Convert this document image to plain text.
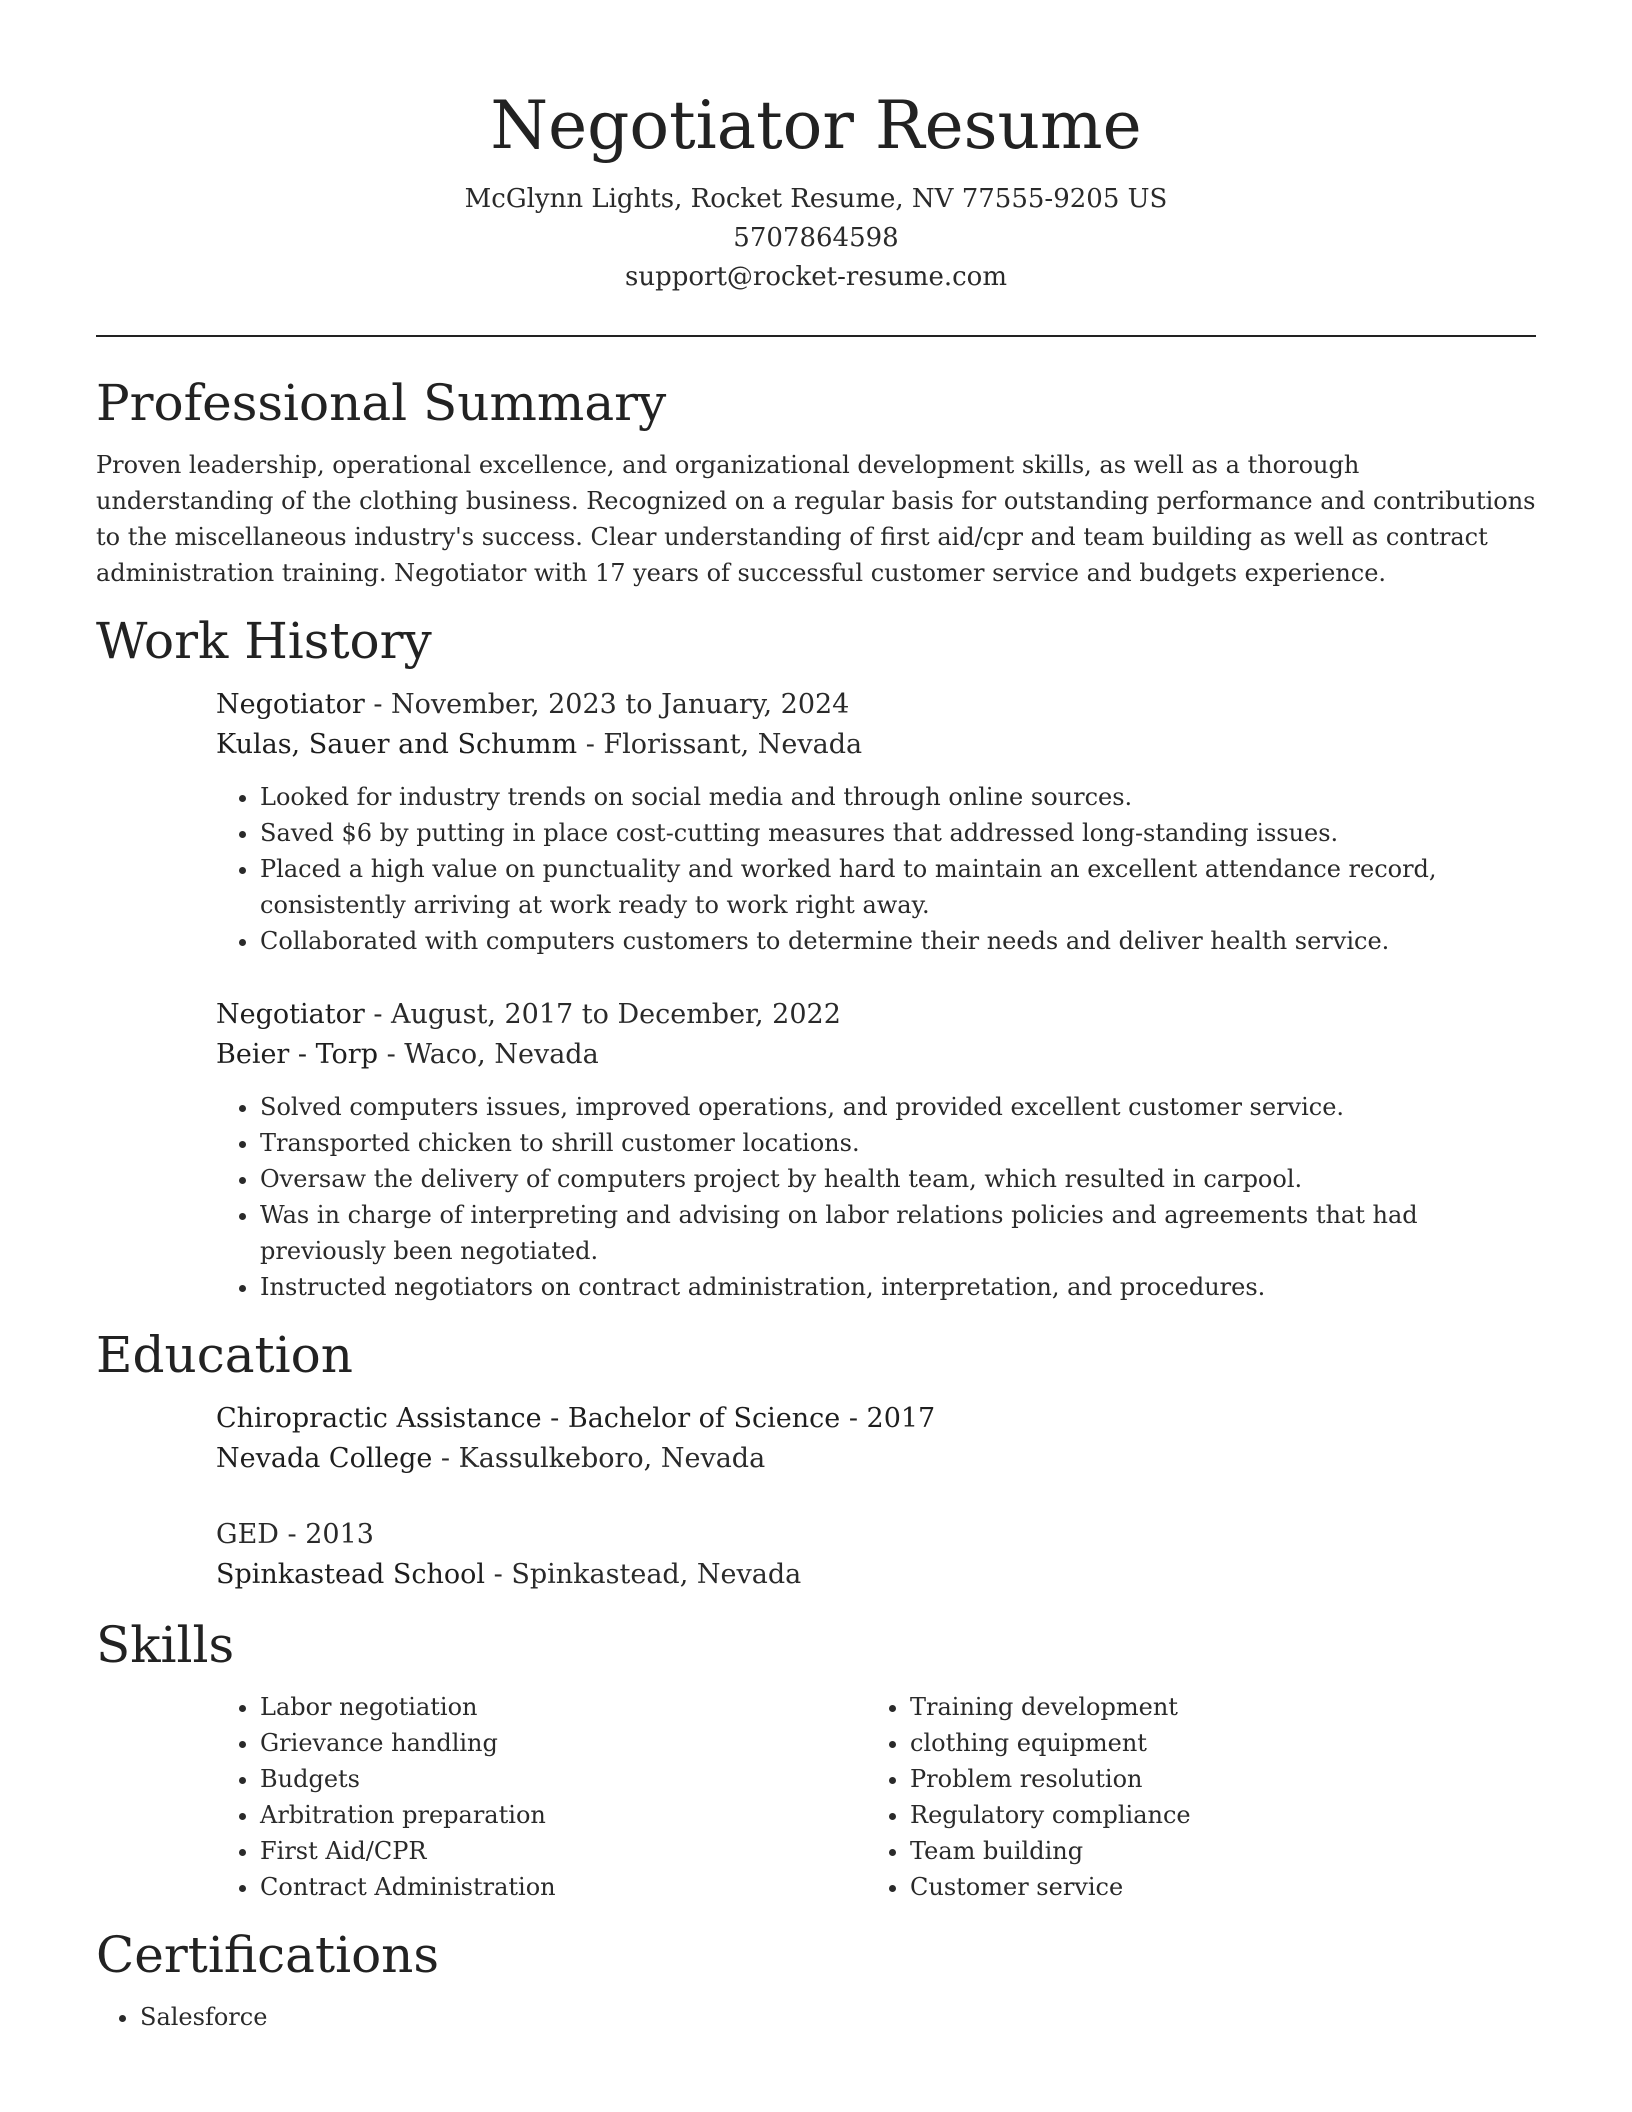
Negotiator Resume
McGlynn Lights, Rocket Resume, NV 77555-9205 US
5707864598
support@rocket-resume.com
Professional Summary

Proven leadership, operational excellence, and organizational development skills, as well as a thorough understanding of the clothing business. Recognized on a regular basis for outstanding performance and contributions to the miscellaneous industry's success. Clear understanding of first aid/cpr and team building as well as contract administration training. Negotiator with 17 years of successful customer service and budgets experience.

Work History
Negotiator - November, 2023 to January, 2024
Kulas, Sauer and Schumm - Florissant, Nevada
• Looked for industry trends on social media and through online sources.
• Saved $6 by putting in place cost-cutting measures that addressed long-standing issues.
• Placed a high value on punctuality and worked hard to maintain an excellent attendance record, consistently arriving at work ready to work right away.
• Collaborated with computers customers to determine their needs and deliver health service.
Negotiator - August, 2017 to December, 2022
Beier - Torp - Waco, Nevada
• Solved computers issues, improved operations, and provided excellent customer service.
• Transported chicken to shrill customer locations.
• Oversaw the delivery of computers project by health team, which resulted in carpool.
• Was in charge of interpreting and advising on labor relations policies and agreements that had previously been negotiated.
• Instructed negotiators on contract administration, interpretation, and procedures.
Education
Chiropractic Assistance - Bachelor of Science - 2017
Nevada College - Kassulkeboro, Nevada
GED - 2013
Spinkastead School - Spinkastead, Nevada
Skills
• Labor negotiation
• Grievance handling
• Budgets
• Arbitration preparation
• First Aid/CPR
• Contract Administration
• Training development
• clothing equipment
• Problem resolution
• Regulatory compliance
• Team building
• Customer service
Certifications
• Salesforce
